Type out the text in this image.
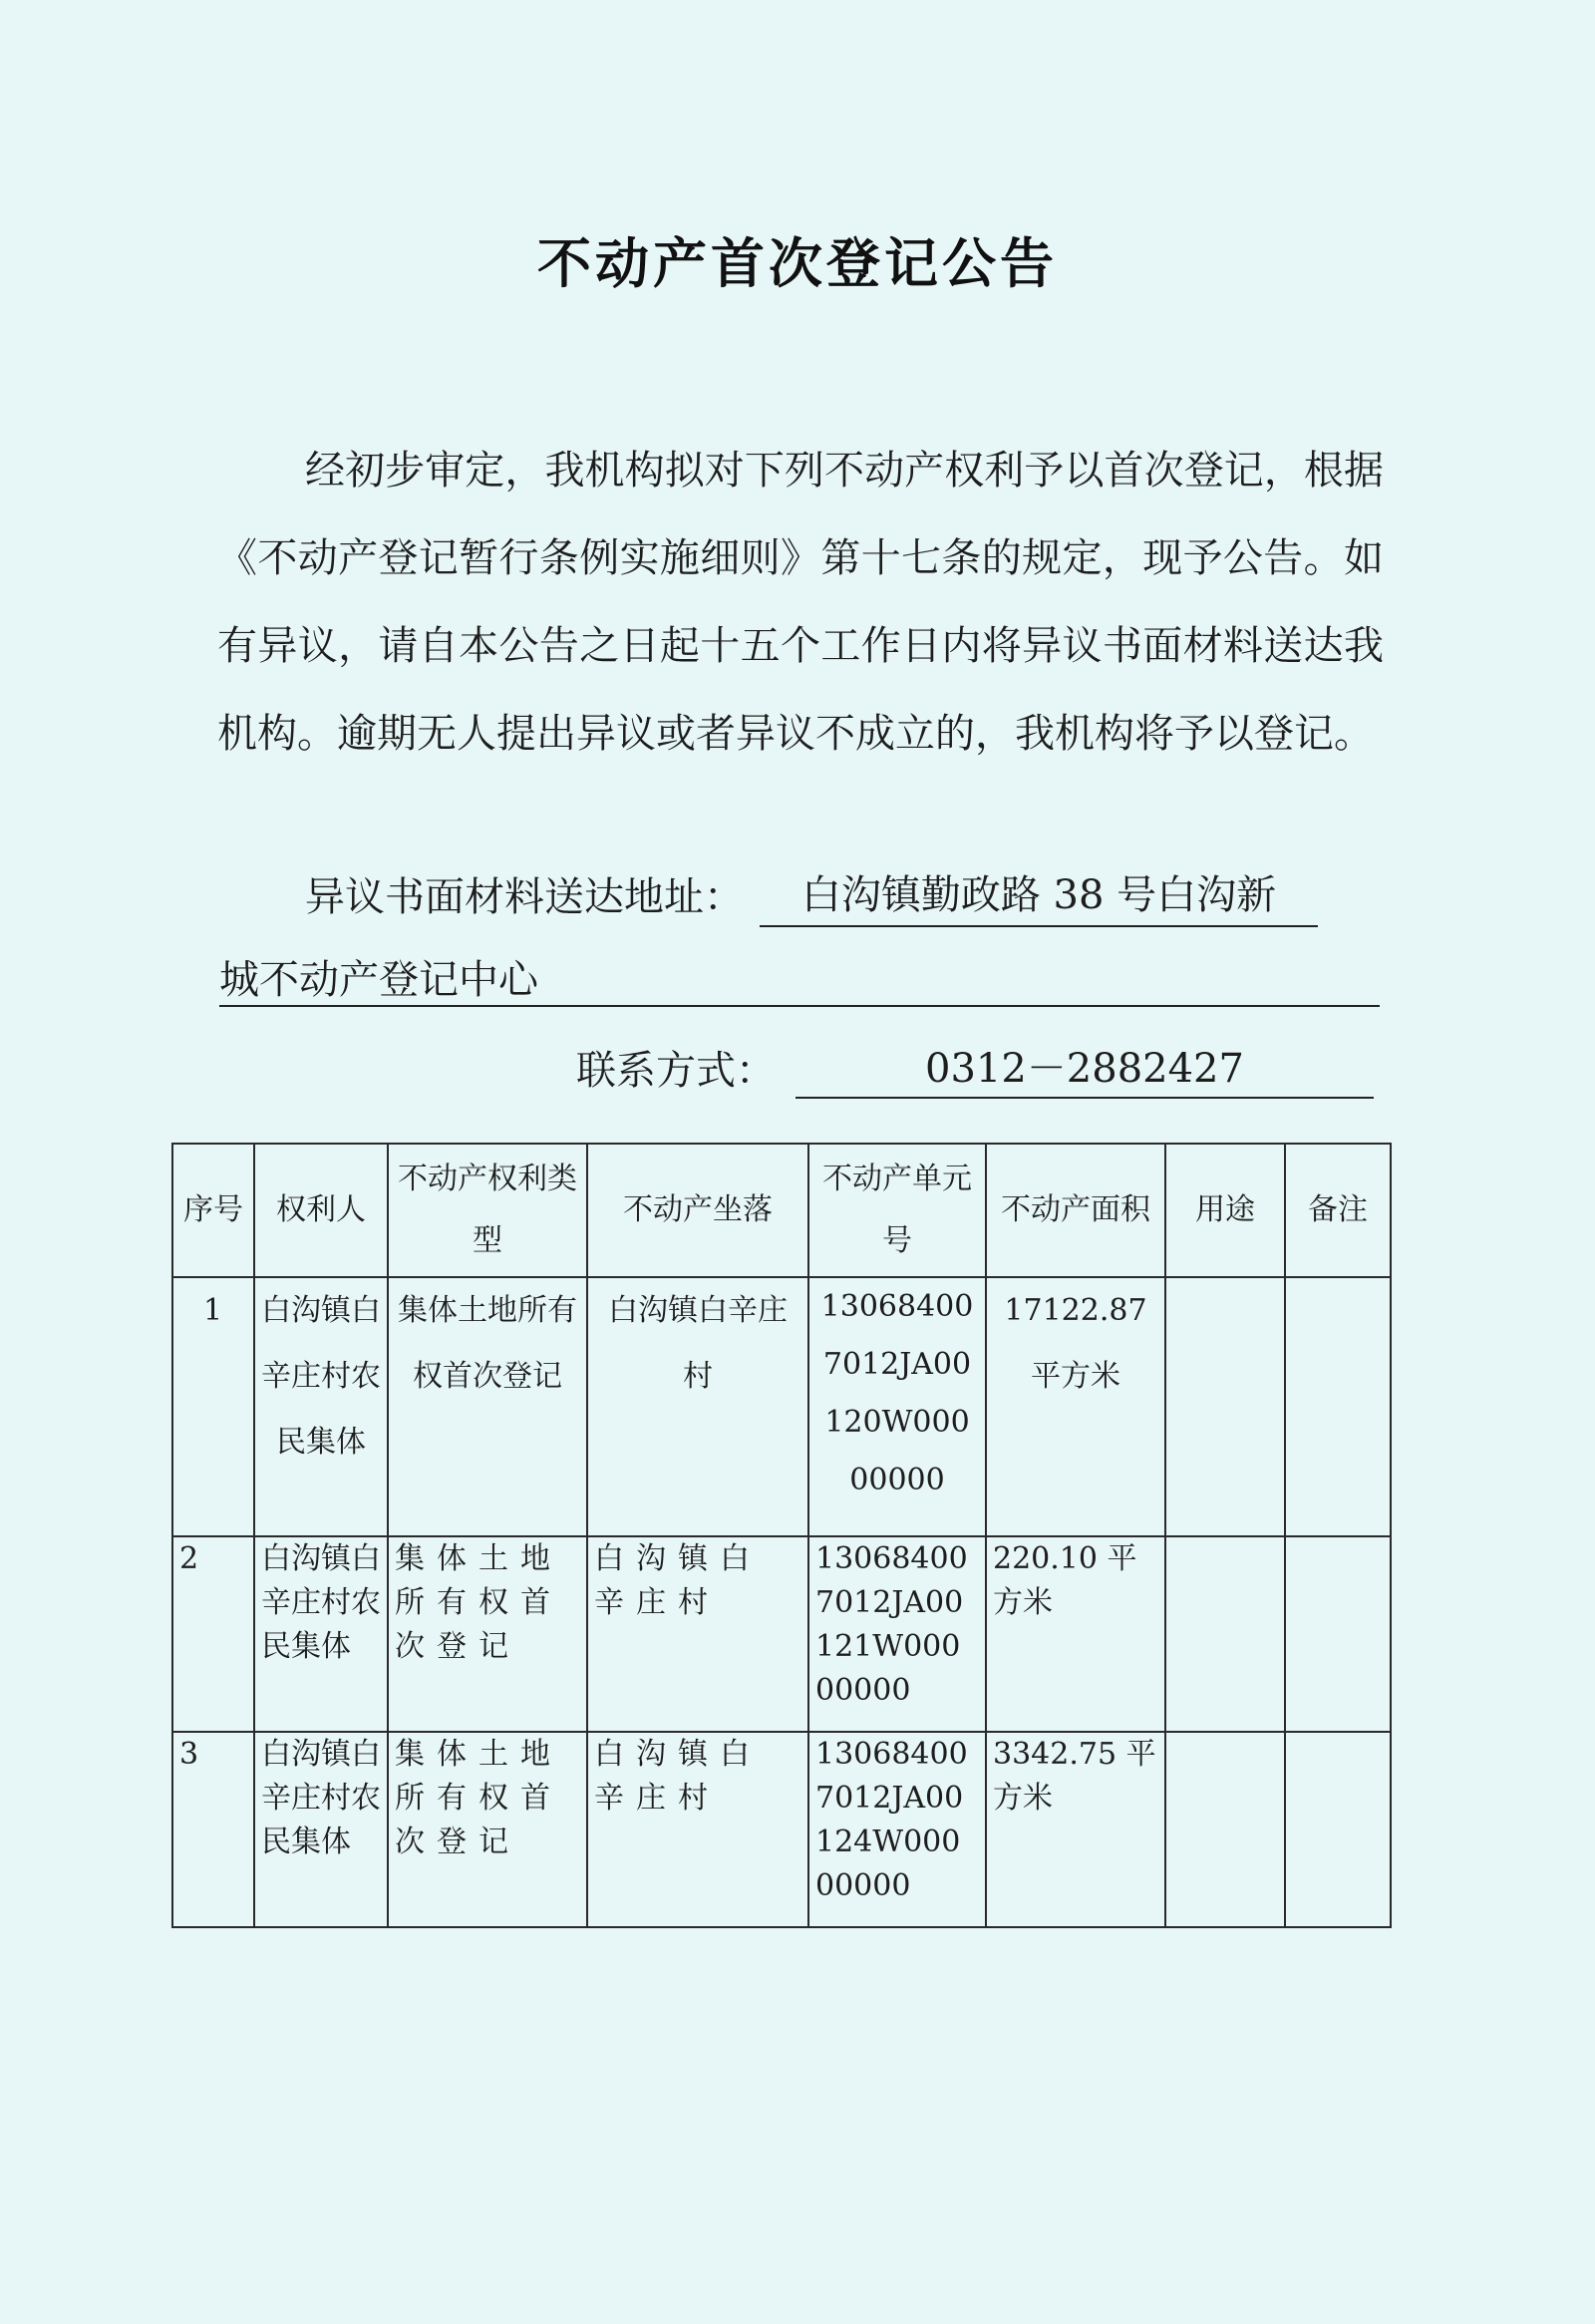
不动产首次登记公告

经初步审定，我机构拟对下列不动产权利予以首次登记，根据《不动产登记暂行条例实施细则》第十七条的规定，现予公告。如有异议，请自本公告之日起十五个工作日内将异议书面材料送达我机构。逾期无人提出异议或者异议不成立的，我机构将予以登记。

异议书面材料送达地址： 白沟镇勤政路 38 号白沟新
城不动产登记中心
联系方式：	0312－2882427
序号	权利人	不动产权利类型	不动产坐落	不动产单元号	不动产面积	用途	备注
1	白沟镇白辛庄村农民集体	集体土地所有权首次登记	白沟镇白辛庄村	130684007012JA00120W00000000	17122.87 平方米		
2	白沟镇白辛庄村农民集体	集体土地所有权首次登记	白沟镇白辛庄村	130684007012JA00121W00000000	220.10 平方米		
3	白沟镇白辛庄村农民集体	集体土地所有权首次登记	白沟镇白辛庄村	130684007012JA00124W00000000	3342.75 平方米		
